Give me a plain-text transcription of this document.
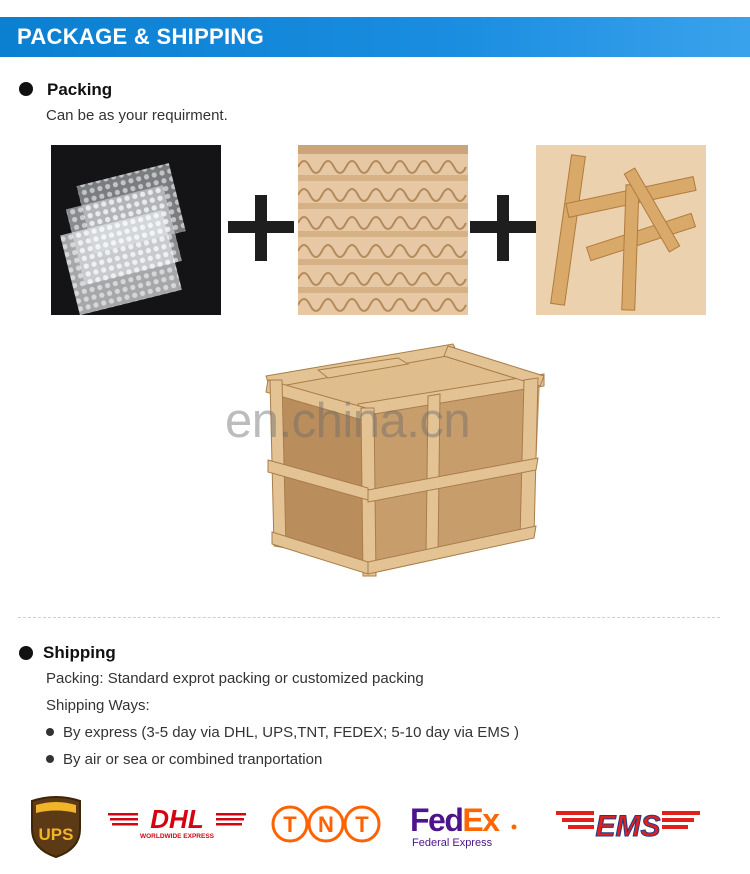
PACKAGE & SHIPPING
Packing
Can be as your requirment.
en.china.cn
Shipping
Packing: Standard exprot packing or customized packing
Shipping Ways:
By express (3-5 day via DHL, UPS,TNT, FEDEX; 5-10 day via EMS )
By air or sea or combined tranportation
UPS
DHL
WORLDWIDE EXPRESS	T N T FedEx
Federal Express	EMS
